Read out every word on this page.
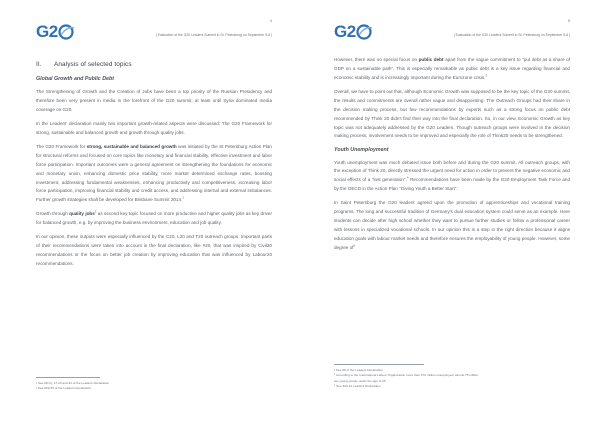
G2
4
[ Evaluation of the G20 Leaders Summit in St. Petersburg on September 5-6 ]
II. Analysis of selected topics
Global Growth and Public Debt

The Strengthening of Growth and the Creation of Jobs have been a top priority of the Russian Presidency and therefore been very present in media in the forefront of the G20 summit, at least until Syria dominated media coverage on G20.

In the Leaders' declaration mainly two important growth-related aspects were discussed: The G20 Framework for strong, sustainable and balanced growth and growth through quality jobs.

The G20 Framework for strong, sustainable and balanced growth was initiated by the St Petersburg Action Plan for structural reforms and focused on core topics like monetary and financial stability, effective investment and labor force participation. Important outcomes were a general agreement on strengthening the foundations for economic and monetary union, enhancing domestic price stability, more market determined exchange rates, boosting investment, addressing fundamental weaknesses, enhancing productivity and competitiveness, increasing labor force participation, improving financial stability and credit access, and addressing internal and external imbalances. Further growth strategies shall be developed for Brisbane Summit 2014.$^1$

Growth through quality jobs$^2$ as second key topic focused on more productive and higher quality jobs as key driver for balanced growth, e.g. by improving the business environment, education and job quality.

In our opinion, these outputs were especially influenced by the C20, L20 and T20 outreach groups. Important parts of their recommendations were taken into account in the final declaration, like #20, that was inspired by Civil20 recommendations or the focus on better job creation by improving education that was influenced by Labour20 recommendations.

¹ See #8 (ii), 17-20 and 22 of the Leaders Declaration
² See #29-35 of the Leaders Declaration
G2
5
[ Evaluation of the G20 Leaders Summit in St. Petersburg on September 5-6 ]

However, there was no special focus on public debt apart from the vague commitment to "put debt as a share of GDP on a sustainable path". This is especially remarkable as public debt is a key issue regarding financial and economic stability and is increasingly important during the Eurozone crisis.$^3$

Overall, we have to point out that, although Economic Growth was supposed to be the key topic of the G20 summit, the results and commitments are overall rather vague and disappointing. The Outreach Groups had their share in the decision making process, but few recommendations by experts such as a strong focus on public debt recommended by Think 20 didn't find their way into the final declaration. So, in our view, Economic Growth as key topic was not adequately addressed by the G20 Leaders. Though outreach groups were involved in the decision making process, involvement needs to be improved and especially the role of Think20 needs to be strengthened.

Youth Unemployment

Youth unemployment was much debated issue both before and during the G20 summit. All outreach groups, with the exception of Think 20, directly stressed the urgent need for action in order to prevent the negative economic and social effects of a "lost generation".$^4$ Recommendations have been made by the G20 Employment Task Force and by the OECD in the Action Plan "Giving Youth a Better Start".

In Saint Petersburg the G20 leaders agreed upon the promotion of apprenticeships and vocational training programs. The long and successful tradition of Germany's dual education system could serve as an example. Here students can decide after high school whether they want to pursue further studies or follow a professional career with lessons in specialized vocational schools. In our opinion this is a step in the right direction because it aligns education goals with labour market needs and therefore ensures the employability of young people. However, some degree $of^5$

³ See #9 of the Leaders Declaration
⁴ According to the International Labour Organization more than 470 million unemployed, almost 75 million
are young people under the age of 25
⁵ See #29-41 Leaders Declaration
